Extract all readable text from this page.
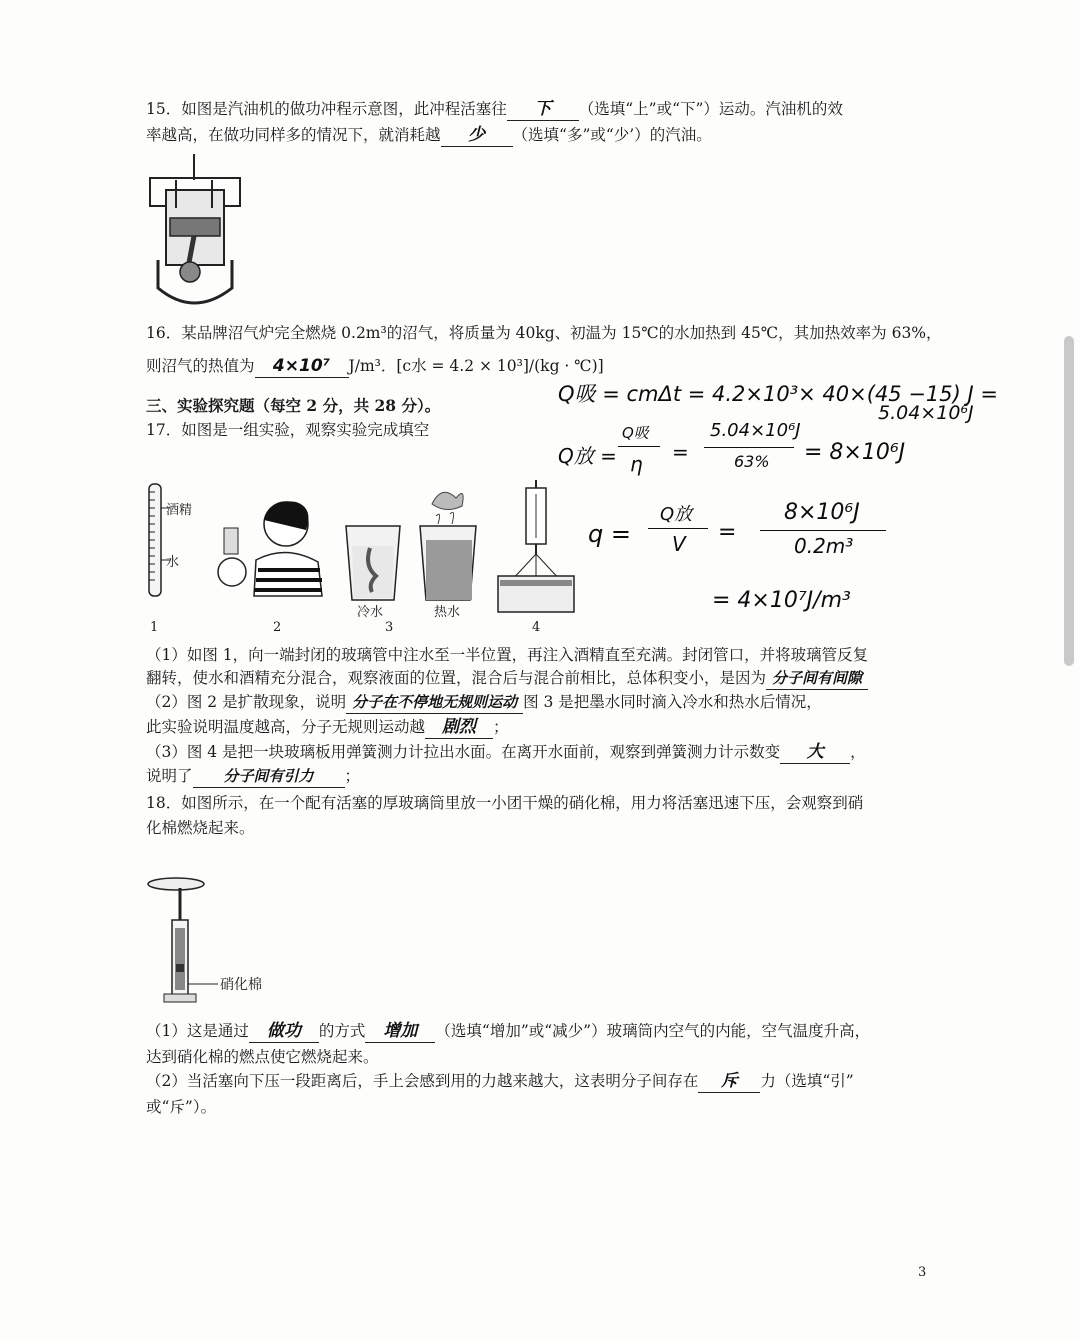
15．如图是汽油机的做功冲程示意图，此冲程活塞往 下 （选填“上”或“下”）运动。汽油机的效
率越高，在做功同样多的情况下，就消耗越 少 （选填“多”或“少’）的汽油。
16．某品牌沼气炉完全燃烧 0.2m³的沼气，将质量为 40kg、初温为 15℃的水加热到 45℃，其加热效率为 63%，
则沼气的热值为 4×10⁷ J/m³．[c水 = 4.2 × 10³]/(kg · ℃)]
三、实验探究题（每空 2 分，共 28 分）。
17．如图是一组实验，观察实验完成填空
Q吸 = cmΔt = 4.2×10³× 40×(45 −15) J =
5.04×10⁶J
Q放 =
Q吸
η =
5.04×10⁶J
63% = 8×10⁶J
q =
Q放
V =
8×10⁶J
0.2m³
= 4×10⁷J/m³
酒精
水
冷水	热水
1	2	3	4
（1）如图 1，向一端封闭的玻璃管中注水至一半位置，再注入酒精直至充满。封闭管口，并将玻璃管反复
翻转，使水和酒精充分混合，观察液面的位置，混合后与混合前相比，总体积变小，是因为 分子间有间隙
（2）图 2 是扩散现象，说明 分子在不停地无规则运动 图 3 是把墨水同时滴入冷水和热水后情况，
此实验说明温度越高，分子无规则运动越 剧烈 ；
（3）图 4 是把一块玻璃板用弹簧测力计拉出水面。在离开水面前，观察到弹簧测力计示数变 大 ，
说明了 分子间有引力 ；
18．如图所示，在一个配有活塞的厚玻璃筒里放一小团干燥的硝化棉，用力将活塞迅速下压，会观察到硝
化棉燃烧起来。
硝化棉
（1）这是通过 做功 的方式 增加 （选填“增加”或“减少”）玻璃筒内空气的内能，空气温度升高，
达到硝化棉的燃点使它燃烧起来。
（2）当活塞向下压一段距离后，手上会感到用的力越来越大，这表明分子间存在 斥 力（选填“引”
或“斥”）。
3
